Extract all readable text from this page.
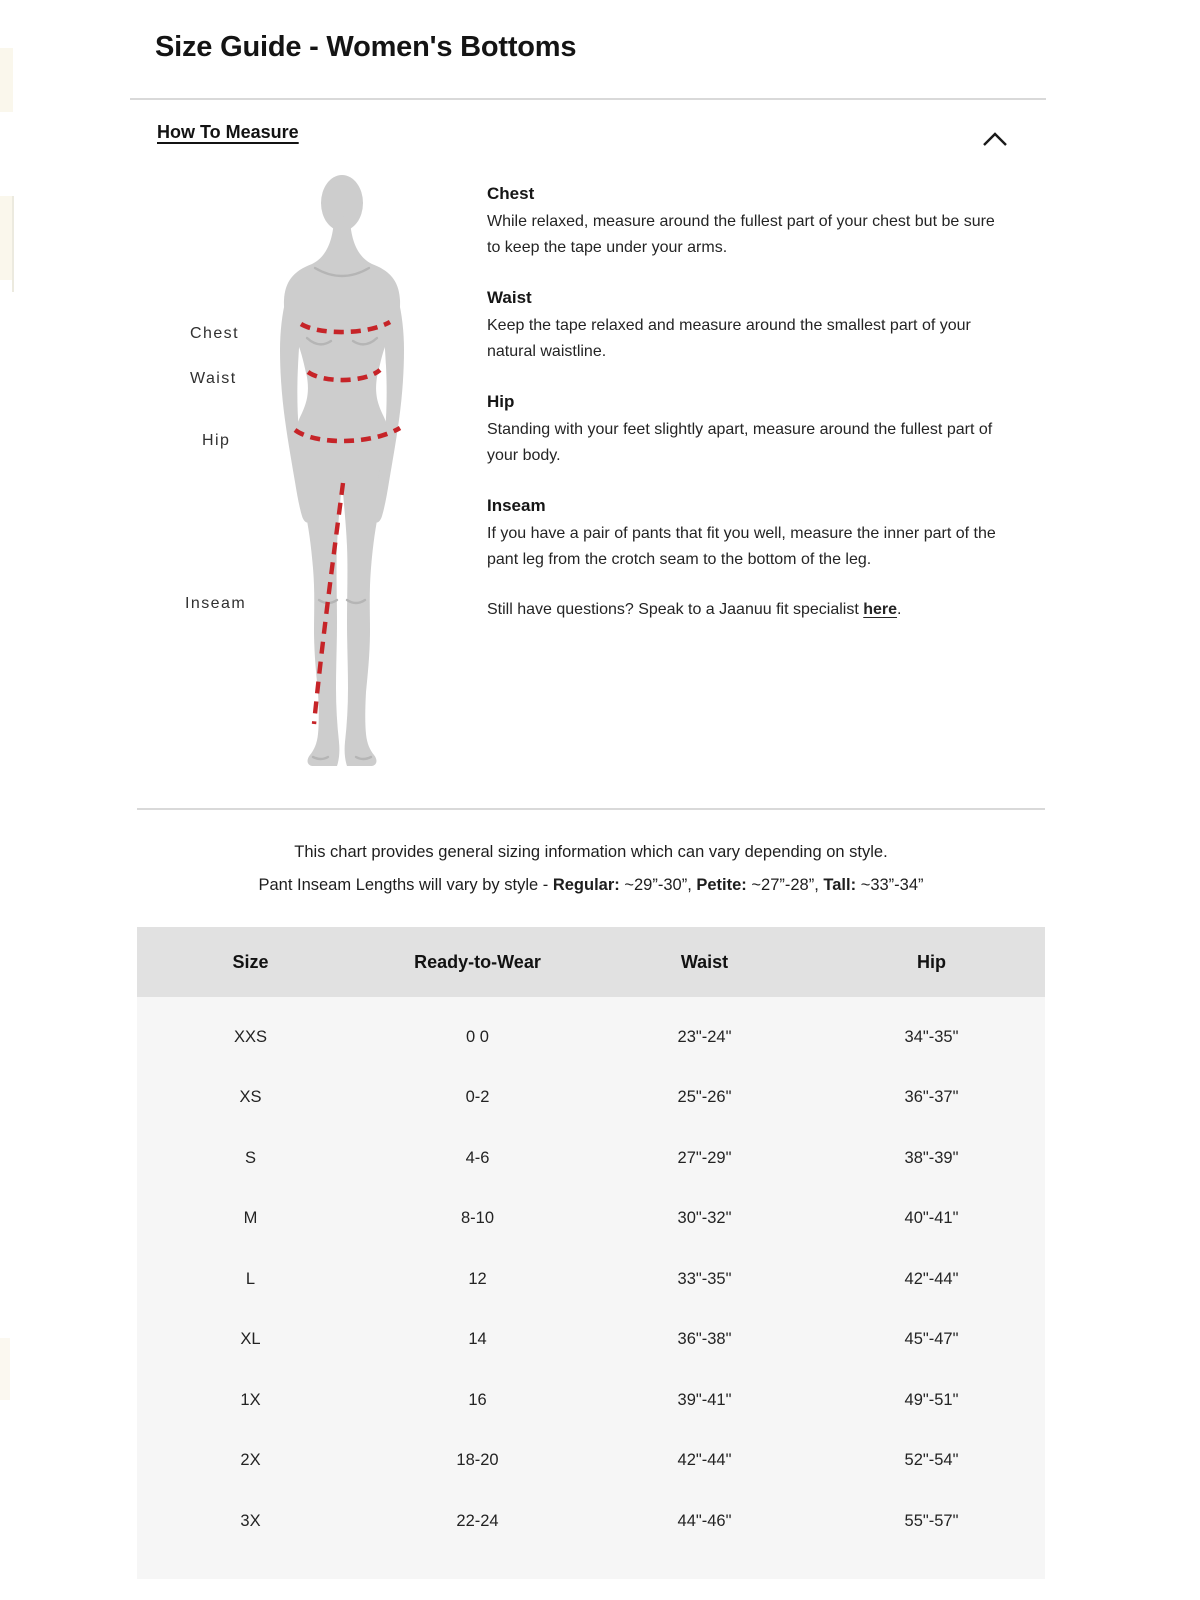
Size Guide - Women's Bottoms
How To Measure
Chest
Waist
Hip
Inseam
Chest

While relaxed, measure around the fullest part of your chest but be sure to keep the tape under your arms.

Waist

Keep the tape relaxed and measure around the smallest part of your natural waistline.

Hip

Standing with your feet slightly apart, measure around the fullest part of your body.

Inseam

If you have a pair of pants that fit you well, measure the inner part of the pant leg from the crotch seam to the bottom of the leg.

Still have questions? Speak to a Jaanuu fit specialist here.
This chart provides general sizing information which can vary depending on style.
Pant Inseam Lengths will vary by style - Regular: ~29”-30”, Petite: ~27”-28”, Tall: ~33”-34”
Size	Ready-to-Wear	Waist	Hip
XXS	0 0	23"-24"	34"-35"
XS	0-2	25"-26"	36"-37"
S	4-6	27"-29"	38"-39"
M	8-10	30"-32"	40"-41"
L	12	33"-35"	42"-44"
XL	14	36"-38"	45"-47"
1X	16	39"-41"	49"-51"
2X	18-20	42"-44"	52"-54"
3X	22-24	44"-46"	55"-57"
